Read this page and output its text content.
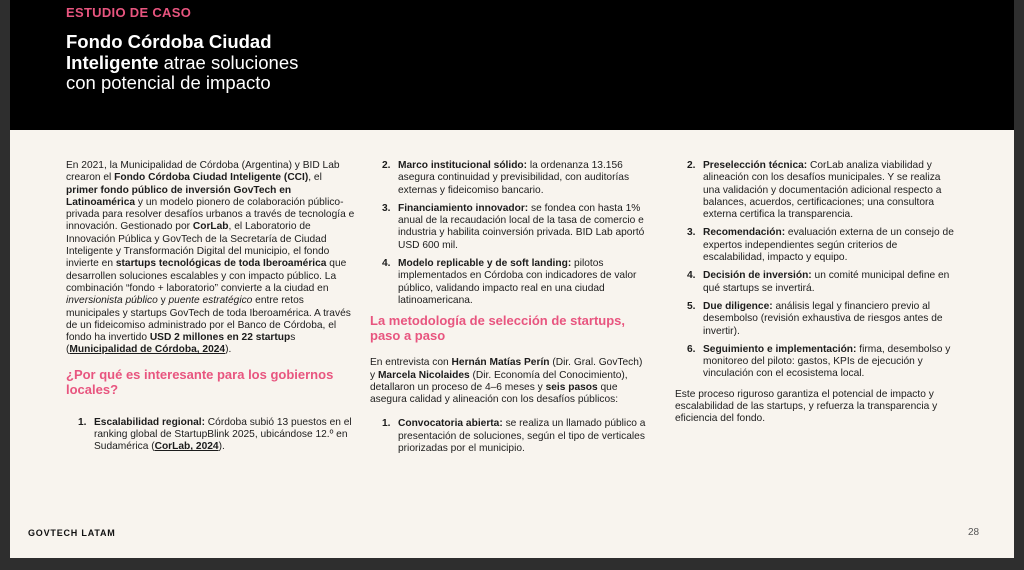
ESTUDIO DE CASO
Fondo Córdoba Ciudad
Inteligente atrae soluciones
con potencial de impacto

En 2021, la Municipalidad de Córdoba (Argentina) y BID Lab crearon el Fondo Córdoba Ciudad Inteligente (CCI), el primer fondo público de inversión GovTech en Latinoamérica y un modelo pionero de colaboración público-privada para resolver desafíos urbanos a través de tecnología e innovación. Gestionado por CorLab, el Laboratorio de Innovación Pública y GovTech de la Secretaría de Ciudad Inteligente y Transformación Digital del municipio, el fondo invierte en startups tecnológicas de toda Iberoamérica que desarrollen soluciones escalables y con impacto público. La combinación “fondo + laboratorio” convierte a la ciudad en inversionista público y puente estratégico entre retos municipales y startups GovTech de toda Iberoamérica. A través de un fideicomiso administrado por el Banco de Córdoba, el fondo ha invertido USD 2 millones en 22 startups (Municipalidad de Córdoba, 2024).

¿Por qué es interesante para los gobiernos locales?
1. Escalabilidad regional: Córdoba subió 13 puestos en el ranking global de StartupBlink 2025, ubicándose 12.º en Sudamérica (CorLab, 2024).
2. Marco institucional sólido: la ordenanza 13.156 asegura continuidad y previsibilidad, con auditorías externas y fideicomiso bancario.
3. Financiamiento innovador: se fondea con hasta 1% anual de la recaudación local de la tasa de comercio e industria y habilita coinversión privada. BID Lab aportó USD 600 mil.
4. Modelo replicable y de soft landing: pilotos implementados en Córdoba con indicadores de valor público, validando impacto real en una ciudad latinoamericana.
La metodología de selección de startups, paso a paso

En entrevista con Hernán Matías Perín (Dir. Gral. GovTech) y Marcela Nicolaides (Dir. Economía del Conocimiento), detallaron un proceso de 4–6 meses y seis pasos que asegura calidad y alineación con los desafíos públicos:

1. Convocatoria abierta: se realiza un llamado público a presentación de soluciones, según el tipo de verticales priorizadas por el municipio.
2. Preselección técnica: CorLab analiza viabilidad y alineación con los desafíos municipales. Y se realiza una validación y documentación adicional respecto a balances, acuerdos, certificaciones; una consultora externa certifica la transparencia.
3. Recomendación: evaluación externa de un consejo de expertos independientes según criterios de escalabilidad, impacto y equipo.
4. Decisión de inversión: un comité municipal define en qué startups se invertirá.
5. Due diligence: análisis legal y financiero previo al desembolso (revisión exhaustiva de riesgos antes de invertir).
6. Seguimiento e implementación: firma, desembolso y monitoreo del piloto: gastos, KPIs de ejecución y vinculación con el ecosistema local.

Este proceso riguroso garantiza el potencial de impacto y escalabilidad de las startups, y refuerza la transparencia y eficiencia del fondo.

GOVTECH LATAM	28
